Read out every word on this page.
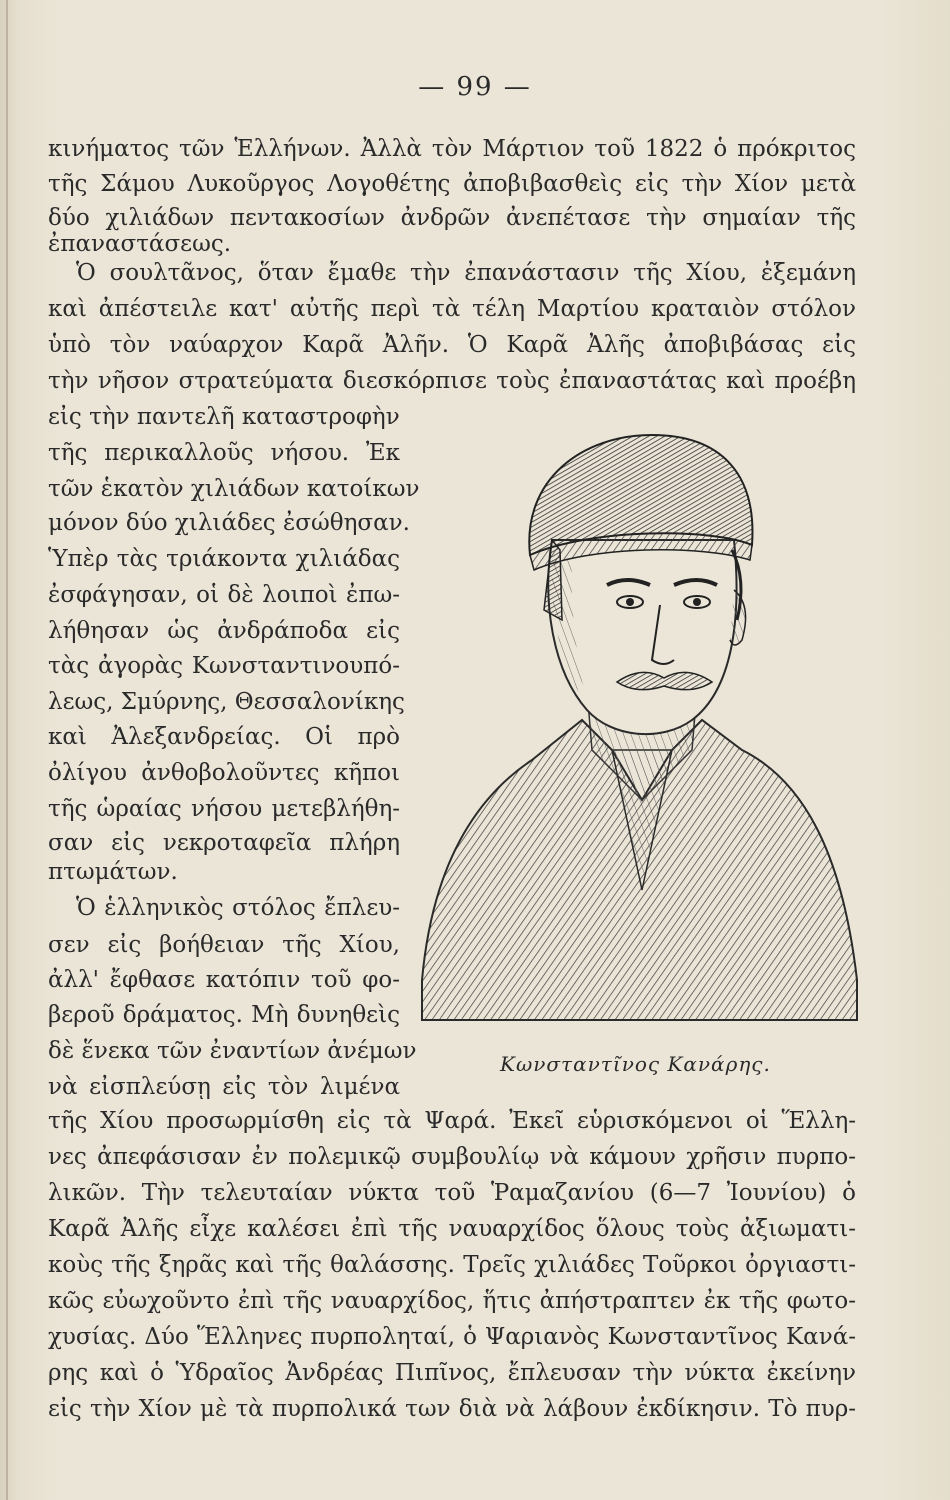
— 99 —
κινήματος τῶν Ἑλλήνων. Ἀλλὰ τὸν Μάρτιον τοῦ 1822 ὁ πρόκριτος
τῆς Σάμου Λυκοῦργος Λογοθέτης ἀποβιβασθεὶς εἰς τὴν Χίον μετὰ
δύο χιλιάδων πεντακοσίων ἀνδρῶν ἀνεπέτασε τὴν σημαίαν τῆς
ἐπαναστάσεως.
Ὁ σουλτᾶνος, ὅταν ἔμαθε τὴν ἐπανάστασιν τῆς Χίου, ἐξεμάνη
καὶ ἀπέστειλε κατ' αὐτῆς περὶ τὰ τέλη Μαρτίου κραταιὸν στόλον
ὑπὸ τὸν ναύαρχον Καρᾶ Ἀλῆν. Ὁ Καρᾶ Ἀλῆς ἀποβιβάσας εἰς
τὴν νῆσον στρατεύματα διεσκόρπισε τοὺς ἐπαναστάτας καὶ προέβη
εἰς τὴν παντελῆ καταστροφὴν
τῆς περικαλλοῦς νήσου. Ἐκ
τῶν ἑκατὸν χιλιάδων κατοίκων
μόνον δύο χιλιάδες ἐσώθησαν.
Ὑπὲρ τὰς τριάκοντα χιλιάδας
ἐσφάγησαν, οἱ δὲ λοιποὶ ἐπω-
λήθησαν ὡς ἀνδράποδα εἰς
τὰς ἀγορὰς Κωνσταντινουπό-
λεως, Σμύρνης, Θεσσαλονίκης
καὶ Ἀλεξανδρείας. Οἱ πρὸ
ὀλίγου ἀνθοβολοῦντες κῆποι
τῆς ὡραίας νήσου μετεβλήθη-
σαν εἰς νεκροταφεῖα πλήρη
πτωμάτων.
Ὁ ἑλληνικὸς στόλος ἔπλευ-
σεν εἰς βοήθειαν τῆς Χίου,
ἀλλ' ἔφθασε κατόπιν τοῦ φο-
βεροῦ δράματος. Μὴ δυνηθεὶς
δὲ ἕνεκα τῶν ἐναντίων ἀνέμων
νὰ εἰσπλεύσῃ εἰς τὸν λιμένα
Κωνσταντῖνος Κανάρης.
τῆς Χίου προσωρμίσθη εἰς τὰ Ψαρά. Ἐκεῖ εὑρισκόμενοι οἱ Ἕλλη-
νες ἀπεφάσισαν ἐν πολεμικῷ συμβουλίῳ νὰ κάμουν χρῆσιν πυρπο-
λικῶν. Τὴν τελευταίαν νύκτα τοῦ Ῥαμαζανίου (6—7 Ἰουνίου) ὁ
Καρᾶ Ἀλῆς εἶχε καλέσει ἐπὶ τῆς ναυαρχίδος ὅλους τοὺς ἀξιωματι-
κοὺς τῆς ξηρᾶς καὶ τῆς θαλάσσης. Τρεῖς χιλιάδες Τοῦρκοι ὀργιαστι-
κῶς εὐωχοῦντο ἐπὶ τῆς ναυαρχίδος, ἥτις ἀπήστραπτεν ἐκ τῆς φωτο-
χυσίας. Δύο Ἕλληνες πυρποληταί, ὁ Ψαριανὸς Κωνσταντῖνος Κανά-
ρης καὶ ὁ Ὑδραῖος Ἀνδρέας Πιπῖνος, ἔπλευσαν τὴν νύκτα ἐκείνην
εἰς τὴν Χίον μὲ τὰ πυρπολικά των διὰ νὰ λάβουν ἐκδίκησιν. Τὸ πυρ-
